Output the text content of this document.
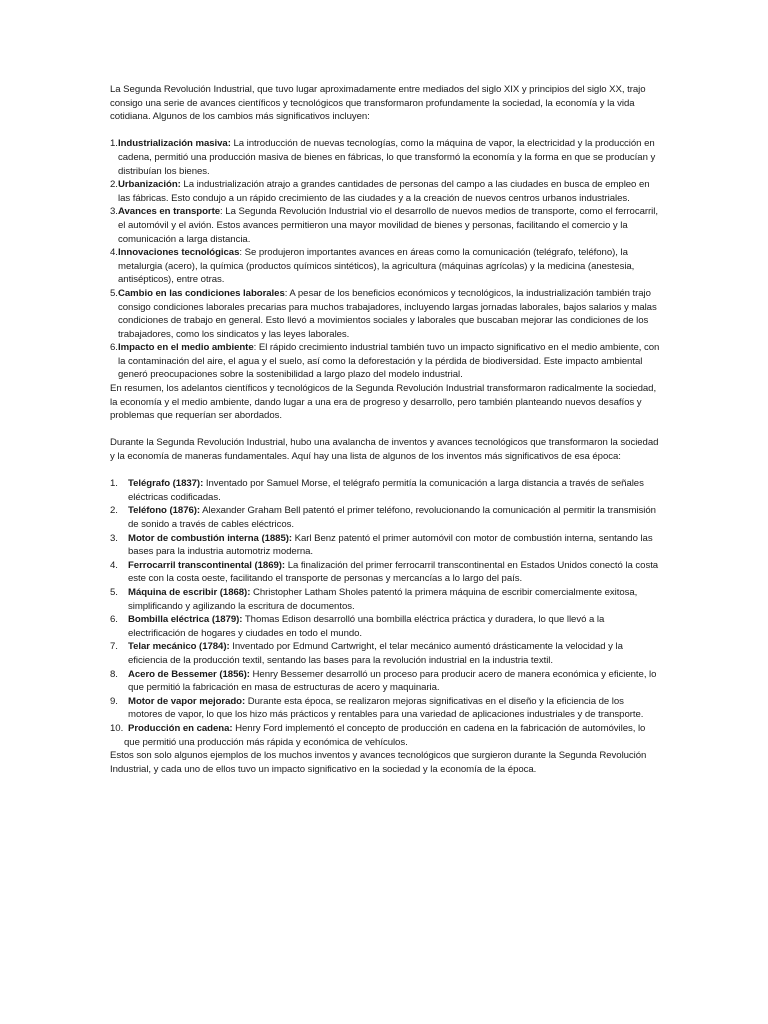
La Segunda Revolución Industrial, que tuvo lugar aproximadamente entre mediados del siglo XIX y principios del siglo XX, trajo consigo una serie de avances científicos y tecnológicos que transformaron profundamente la sociedad, la economía y la vida cotidiana. Algunos de los cambios más significativos incluyen:

1. Industrialización masiva: La introducción de nuevas tecnologías, como la máquina de vapor, la electricidad y la producción en cadena, permitió una producción masiva de bienes en fábricas, lo que transformó la economía y la forma en que se producían y distribuían los bienes.
2. Urbanización: La industrialización atrajo a grandes cantidades de personas del campo a las ciudades en busca de empleo en las fábricas. Esto condujo a un rápido crecimiento de las ciudades y a la creación de nuevos centros urbanos industriales.
3. Avances en transporte: La Segunda Revolución Industrial vio el desarrollo de nuevos medios de transporte, como el ferrocarril, el automóvil y el avión. Estos avances permitieron una mayor movilidad de bienes y personas, facilitando el comercio y la comunicación a larga distancia.
4. Innovaciones tecnológicas: Se produjeron importantes avances en áreas como la comunicación (telégrafo, teléfono), la metalurgia (acero), la química (productos químicos sintéticos), la agricultura (máquinas agrícolas) y la medicina (anestesia, antisépticos), entre otras.
5. Cambio en las condiciones laborales: A pesar de los beneficios económicos y tecnológicos, la industrialización también trajo consigo condiciones laborales precarias para muchos trabajadores, incluyendo largas jornadas laborales, bajos salarios y malas condiciones de trabajo en general. Esto llevó a movimientos sociales y laborales que buscaban mejorar las condiciones de los trabajadores, como los sindicatos y las leyes laborales.
6. Impacto en el medio ambiente: El rápido crecimiento industrial también tuvo un impacto significativo en el medio ambiente, con la contaminación del aire, el agua y el suelo, así como la deforestación y la pérdida de biodiversidad. Este impacto ambiental generó preocupaciones sobre la sostenibilidad a largo plazo del modelo industrial.

En resumen, los adelantos científicos y tecnológicos de la Segunda Revolución Industrial transformaron radicalmente la sociedad, la economía y el medio ambiente, dando lugar a una era de progreso y desarrollo, pero también planteando nuevos desafíos y problemas que requerían ser abordados.

Durante la Segunda Revolución Industrial, hubo una avalancha de inventos y avances tecnológicos que transformaron la sociedad y la economía de maneras fundamentales. Aquí hay una lista de algunos de los inventos más significativos de esa época:

1.	Telégrafo (1837): Inventado por Samuel Morse, el telégrafo permitía la comunicación a larga distancia a través de señales eléctricas codificadas.
2.	Teléfono (1876): Alexander Graham Bell patentó el primer teléfono, revolucionando la comunicación al permitir la transmisión de sonido a través de cables eléctricos.
3.	Motor de combustión interna (1885): Karl Benz patentó el primer automóvil con motor de combustión interna, sentando las bases para la industria automotriz moderna.
4.	Ferrocarril transcontinental (1869): La finalización del primer ferrocarril transcontinental en Estados Unidos conectó la costa este con la costa oeste, facilitando el transporte de personas y mercancías a lo largo del país.
5.	Máquina de escribir (1868): Christopher Latham Sholes patentó la primera máquina de escribir comercialmente exitosa, simplificando y agilizando la escritura de documentos.
6.	Bombilla eléctrica (1879): Thomas Edison desarrolló una bombilla eléctrica práctica y duradera, lo que llevó a la electrificación de hogares y ciudades en todo el mundo.
7.	Telar mecánico (1784): Inventado por Edmund Cartwright, el telar mecánico aumentó drásticamente la velocidad y la eficiencia de la producción textil, sentando las bases para la revolución industrial en la industria textil.
8.	Acero de Bessemer (1856): Henry Bessemer desarrolló un proceso para producir acero de manera económica y eficiente, lo que permitió la fabricación en masa de estructuras de acero y maquinaria.
9.	Motor de vapor mejorado: Durante esta época, se realizaron mejoras significativas en el diseño y la eficiencia de los motores de vapor, lo que los hizo más prácticos y rentables para una variedad de aplicaciones industriales y de transporte.
10. Producción en cadena: Henry Ford implementó el concepto de producción en cadena en la fabricación de automóviles, lo que permitió una producción más rápida y económica de vehículos.

Estos son solo algunos ejemplos de los muchos inventos y avances tecnológicos que surgieron durante la Segunda Revolución Industrial, y cada uno de ellos tuvo un impacto significativo en la sociedad y la economía de la época.
